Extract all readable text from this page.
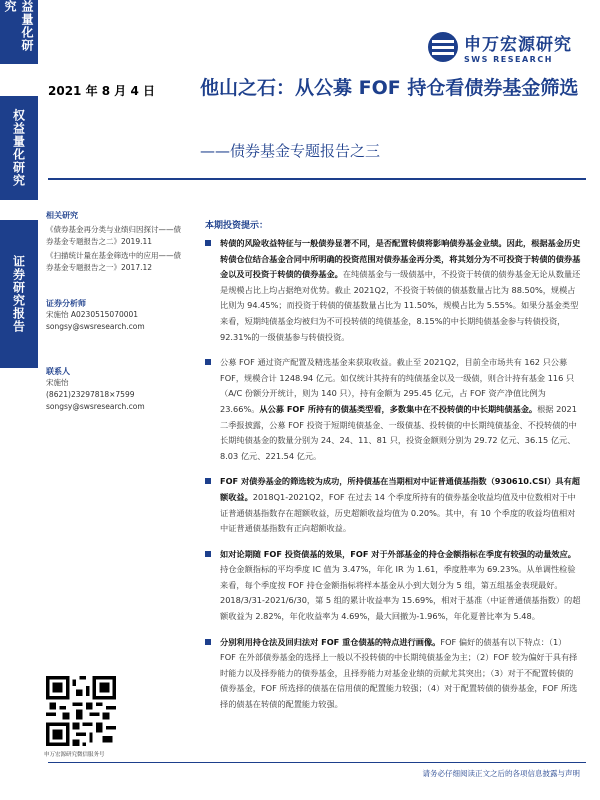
益量化研究
权益量化研究
证券研究报告
申万宏源研究
SWS RESEARCH
2021 年 8 月 4 日 他山之石：从公募 FOF 持仓看债券基金筛选
——债券基金专题报告之三
相关研究
《债券基金再分类与业绩归因探讨——债券基金专题报告之二》2019.11
《扫描统计量在基金筛选中的应用——债券基金专题报告之一》2017.12
证券分析师
宋施怡 A0230515070001
songsy@swsresearch.com
联系人
宋施怡
(8621)23297818×7599
songsy@swsresearch.com
本期投资提示：
转债的风险收益特征与一般债券显著不同，是否配置转债将影响债券基金业绩。因此，根据基金历史转债仓位结合基金合同中所明确的投资范围对债券基金再分类，将其划分为不可投资于转债的债券基金以及可投资于转债的债券基金。在纯债基金与一级债基中，不投资于转债的债券基金无论从数量还是规模占比上均占据绝对优势。截止 2021Q2，不投资于转债的债基数量占比为 88.50%，规模占比则为 94.45%；而投资于转债的债基数量占比为 11.50%，规模占比为 5.55%。如果分基金类型来看，短期纯债基金均被归为不可投转债的纯债基金，8.15%的中长期纯债基金参与转债投资，92.31%的一级债基参与转债投资。
公募 FOF 通过资产配置及精选基金来获取收益。截止至 2021Q2，目前全市场共有 162 只公募 FOF，规模合计 1248.94 亿元。如仅统计其持有的纯债基金以及一级债，则合计持有基金 116 只（A/C 份额分开统计，则为 140 只），持有金额为 295.45 亿元，占 FOF 资产净值比例为 23.66%。从公募 FOF 所持有的债基类型看，多数集中在不投转债的中长期纯债基金。根据 2021 二季报披露，公募 FOF 投资于短期纯债基金、一级债基、投转债的中长期纯债基金、不投转债的中长期纯债基金的数量分别为 24、24、11、81 只，投资金额则分别为 29.72 亿元、36.15 亿元、8.03 亿元、221.54 亿元。
FOF 对债券基金的筛选较为成功，所持债基在当期相对中证普通债基指数（930610.CSI）具有超额收益。2018Q1-2021Q2，FOF 在过去 14 个季度所持有的债券基金收益均值及中位数相对于中证普通债基指数存在超额收益，历史超额收益均值为 0.20%。其中，有 10 个季度的收益均值相对中证普通债基指数有正向超额收益。
如对论期随 FOF 投资债基的效果，FOF 对于外部基金的持仓金额指标在季度有较强的动量效应。持仓金额指标的平均季度 IC 值为 3.47%，年化 IR 为 1.61，季度胜率为 69.23%。从单调性检验来看，每个季度按 FOF 持仓金额指标将样本基金从小到大划分为 5 组，第五组基金表现最好。2018/3/31-2021/6/30，第 5 组的累计收益率为 15.69%，相对于基准（中证普通债基指数）的超额收益为 2.82%，年化收益率为 4.69%，最大回撤为-1.96%，年化夏普比率为 5.48。
分别利用持仓法及回归法对 FOF 重仓债基的特点进行画像。FOF 偏好的债基有以下特点：（1）FOF 在外部债券基金的选择上一般以不投转债的中长期纯债基金为主；（2）FOF 较为偏好于具有择时能力以及择券能力的债券基金，且择券能力对基金业绩的贡献尤其突出；（3）对于不配置转债的债券基金，FOF 所选择的债基在信用债的配置能力较强；（4）对于配置转债的债券基金，FOF 所选择的债基在转债的配置能力较强。
申万宏源研究微信服务号
请务必仔细阅读正文之后的各项信息披露与声明
